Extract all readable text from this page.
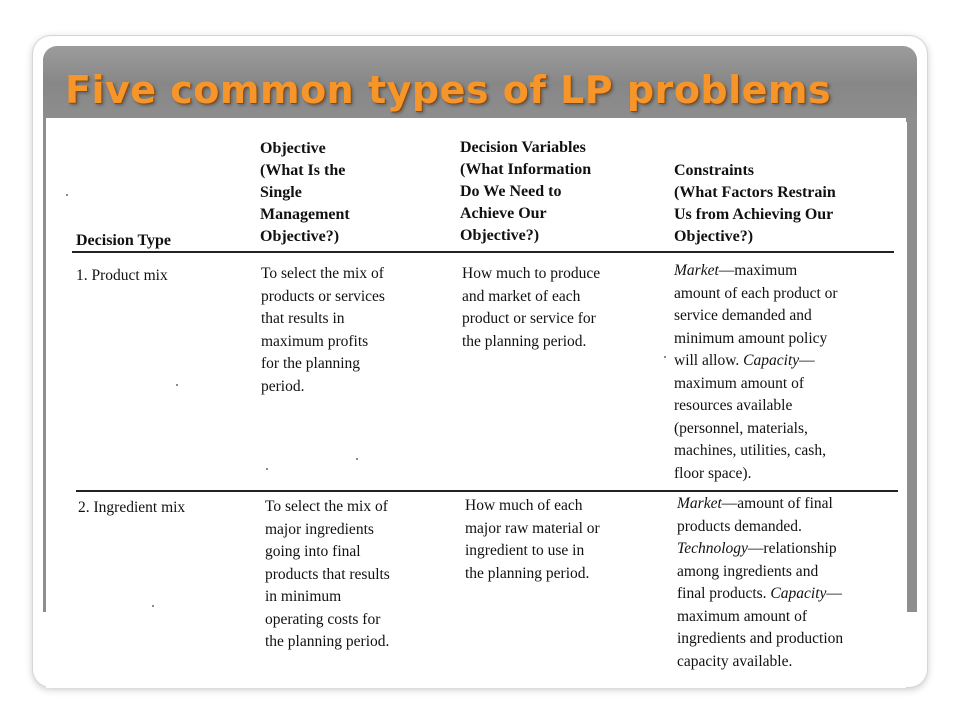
Five common types of LP problems
Decision Type
Objective
(What Is the
Single
Management
Objective?)
Decision Variables
(What Information
Do We Need to
Achieve Our
Objective?)
Constraints
(What Factors Restrain
Us from Achieving Our
Objective?)
1. Product mix	To select the mix of
products or services
that results in
maximum profits
for the planning
period.
How much to produce
and market of each
product or service for
the planning period.
Market—maximum
amount of each product or
service demanded and
minimum amount policy
will allow. Capacity—
maximum amount of
resources available
(personnel, materials,
machines, utilities, cash,
floor space).
2. Ingredient mix	To select the mix of
major ingredients
going into final
products that results
in minimum
operating costs for
the planning period.
How much of each
major raw material or
ingredient to use in
the planning period.
Market—amount of final
products demanded.
Technology—relationship
among ingredients and
final products. Capacity—
maximum amount of
ingredients and production
capacity available.
